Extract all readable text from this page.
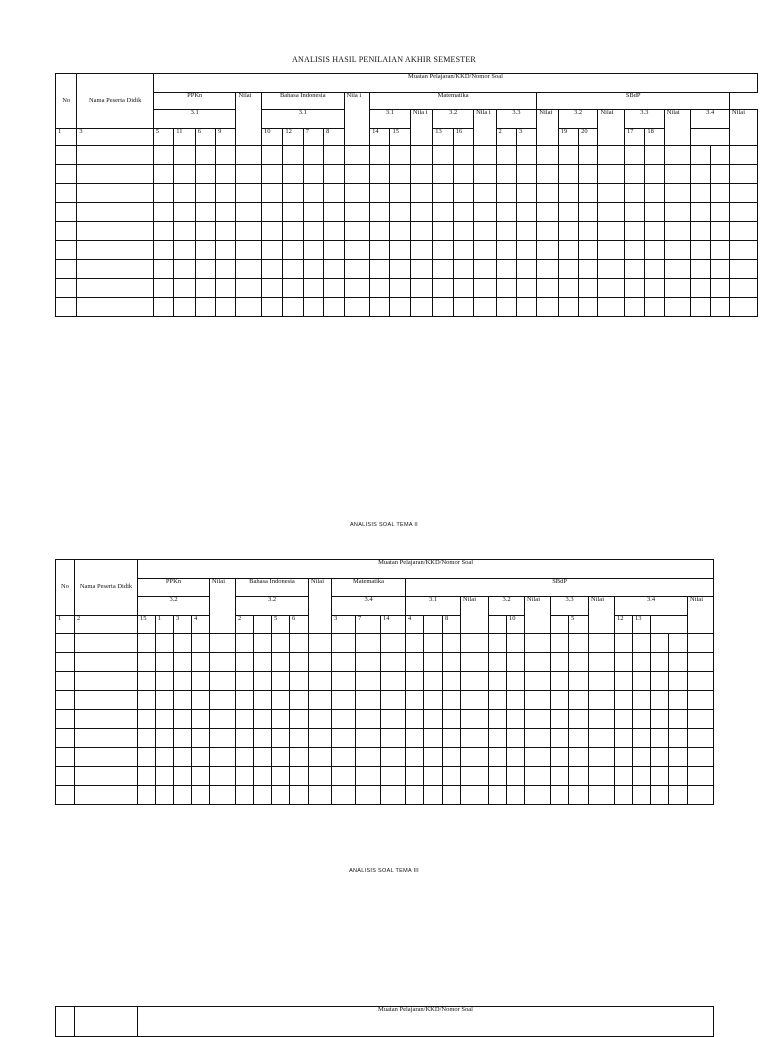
ANALISIS HASIL PENILAIAN AKHIR SEMESTER
No	Nama Peserta Didik	Muatan Pelajaran/KKD/Nomor Soal																											
		PPKn				Nilai	Bahasa Indonesia				Nila i	Matematika								SBdP									
		3.1					3.1					3.1		Nila i	3.2		Nila i	3.3		Nilai	3.2		Nilai	3.3		Nilai	3.4		Nilai
1	3	5	11	6	9		10	12	7	8		14	15		13	16		2	3		19	20		17	18				

ANALISIS SOAL TEMA II
No	Nama Peserta Didik	Muatan Pelajaran/KKD/Nomor Soal																											
		PPKn				Nilai	Bahasa Indonesia				Nilai	Matematika			SBdP														
		3.2					3.2					3.4			3.1			Nilai	3.2		Nilai	3.3		Nilai	3.4				Nilai
1	2	15	1	3	4		2		5	6		3	7	14	4		8			10			5		12	13			

ANALISIS SOAL TEMA III
		Muatan Pelajaran/KKD/Nomor Soal
